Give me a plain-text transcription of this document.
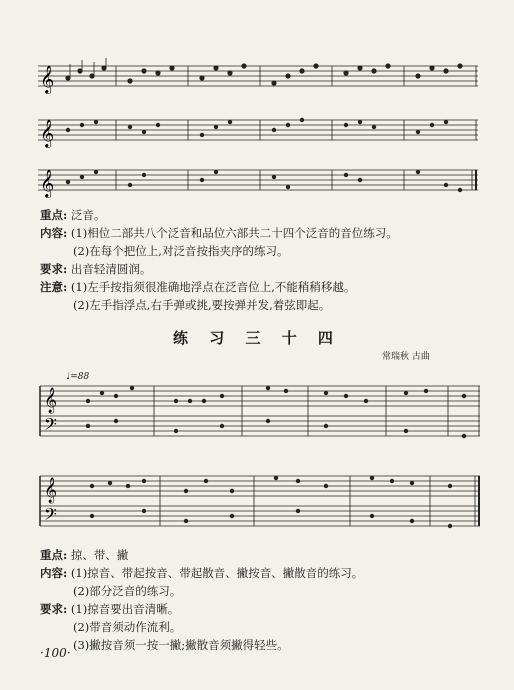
𝄞
𝄞
𝄞
重点: 泛音。
内容: (1)相位二部共八个泛音和品位六部共二十四个泛音的音位练习。
(2)在每个把位上,对泛音按指夹序的练习。
要求: 出音轻清圆润。
注意: (1)左手按指须很准确地浮点在泛音位上,不能稍稍移越。
(2)左手指浮点,右手弹或挑,要按弹并发,着弦即起。
练 习 三 十 四
常瑞秋 古曲
♩=88
𝄞
𝄢
𝄞
𝄢
重点: 掠、带、撇
内容: (1)掠音、带起按音、带起散音、撇按音、撇散音的练习。
(2)部分泛音的练习。
要求: (1)掠音要出音清晰。
(2)带音须动作流利。
(3)撇按音须一按一撇;撇散音须撇得轻些。
·100·
